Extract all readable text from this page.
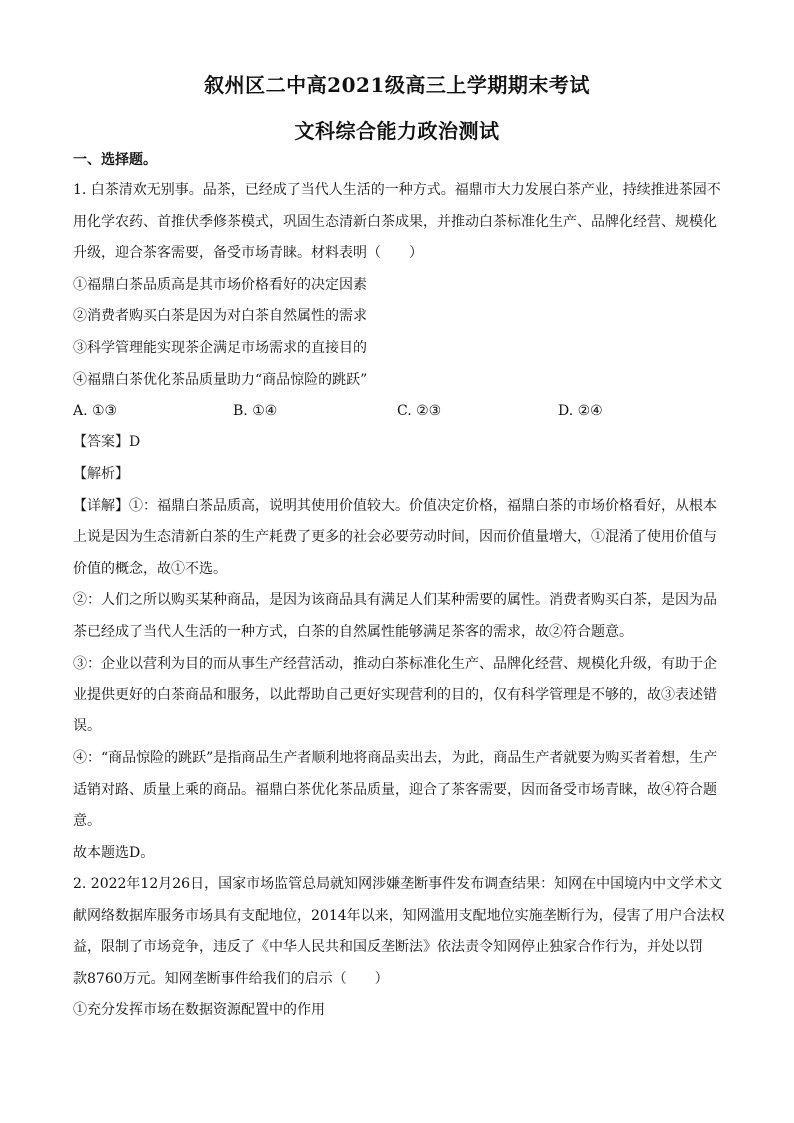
叙州区二中高2021级高三上学期期末考试
文科综合能力政治测试
一、选择题。
1. 白茶清欢无别事。品茶，已经成了当代人生活的一种方式。福鼎市大力发展白茶产业，持续推进茶园不
用化学农药、首推伏季修茶模式，巩固生态清新白茶成果，并推动白茶标准化生产、品牌化经营、规模化
升级，迎合茶客需要，备受市场青睐。材料表明（　　）
①福鼎白茶品质高是其市场价格看好的决定因素
②消费者购买白茶是因为对白茶自然属性的需求
③科学管理能实现茶企满足市场需求的直接目的
④福鼎白茶优化茶品质量助力“商品惊险的跳跃”
A. ①③	B. ①④	C. ②③	D. ②④
【答案】D
【解析】
【详解】①：福鼎白茶品质高，说明其使用价值较大。价值决定价格，福鼎白茶的市场价格看好，从根本
上说是因为生态清新白茶的生产耗费了更多的社会必要劳动时间，因而价值量增大，①混淆了使用价值与
价值的概念，故①不选。
②：人们之所以购买某种商品，是因为该商品具有满足人们某种需要的属性。消费者购买白茶，是因为品
茶已经成了当代人生活的一种方式，白茶的自然属性能够满足茶客的需求，故②符合题意。
③：企业以营利为目的而从事生产经营活动，推动白茶标准化生产、品牌化经营、规模化升级，有助于企
业提供更好的白茶商品和服务，以此帮助自己更好实现营利的目的，仅有科学管理是不够的，故③表述错
误。
④：“商品惊险的跳跃”是指商品生产者顺利地将商品卖出去，为此，商品生产者就要为购买者着想，生产
适销对路、质量上乘的商品。福鼎白茶优化茶品质量，迎合了茶客需要，因而备受市场青睐，故④符合题
意。
故本题选D。
2. 2022年12月26日，国家市场监管总局就知网涉嫌垄断事件发布调查结果：知网在中国境内中文学术文
献网络数据库服务市场具有支配地位，2014年以来，知网滥用支配地位实施垄断行为，侵害了用户合法权
益，限制了市场竞争，违反了《中华人民共和国反垄断法》依法责令知网停止独家合作行为，并处以罚
款8760万元。知网垄断事件给我们的启示（　　）
①充分发挥市场在数据资源配置中的作用
